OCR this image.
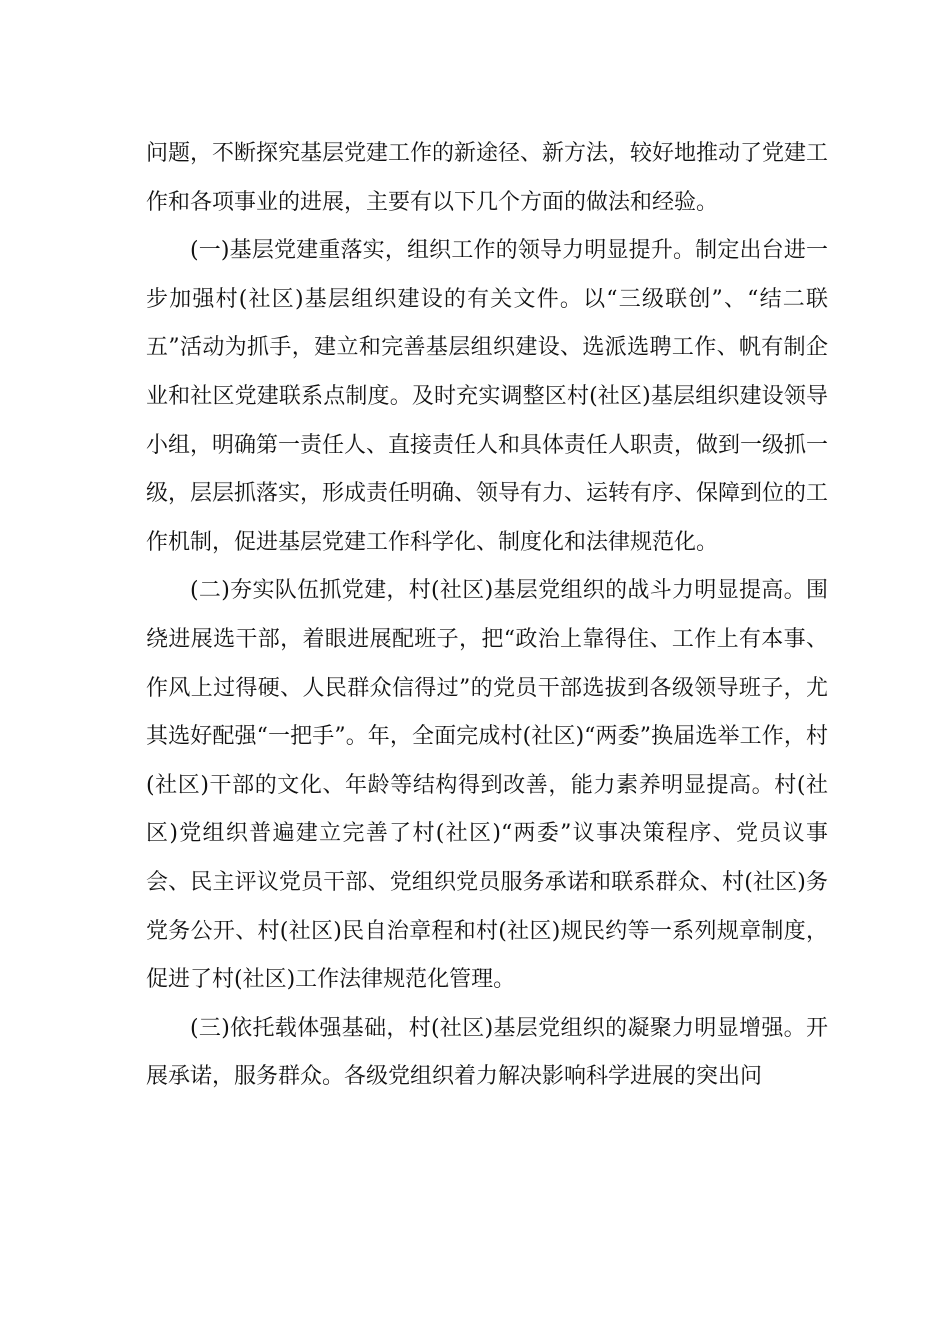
问题，不断探究基层党建工作的新途径、新方法，较好地推动了党建工作和各项事业的进展，主要有以下几个方面的做法和经验。

(一)基层党建重落实，组织工作的领导力明显提升。制定出台进一步加强村(社区)基层组织建设的有关文件。以“三级联创”、“结二联五”活动为抓手，建立和完善基层组织建设、选派选聘工作、帆有制企业和社区党建联系点制度。及时充实调整区村(社区)基层组织建设领导小组，明确第一责任人、直接责任人和具体责任人职责，做到一级抓一级，层层抓落实，形成责任明确、领导有力、运转有序、保障到位的工作机制，促进基层党建工作科学化、制度化和法律规范化。

(二)夯实队伍抓党建，村(社区)基层党组织的战斗力明显提高。围绕进展选干部，着眼进展配班子，把“政治上靠得住、工作上有本事、作风上过得硬、人民群众信得过”的党员干部选拔到各级领导班子，尤其选好配强“一把手”。年，全面完成村(社区)“两委”换届选举工作，村(社区)干部的文化、年龄等结构得到改善，能力素养明显提高。村(社区)党组织普遍建立完善了村(社区)“两委”议事决策程序、党员议事会、民主评议党员干部、党组织党员服务承诺和联系群众、村(社区)务党务公开、村(社区)民自治章程和村(社区)规民约等一系列规章制度，促进了村(社区)工作法律规范化管理。

(三)依托载体强基础，村(社区)基层党组织的凝聚力明显增强。开展承诺，服务群众。各级党组织着力解决影响科学进展的突出问
